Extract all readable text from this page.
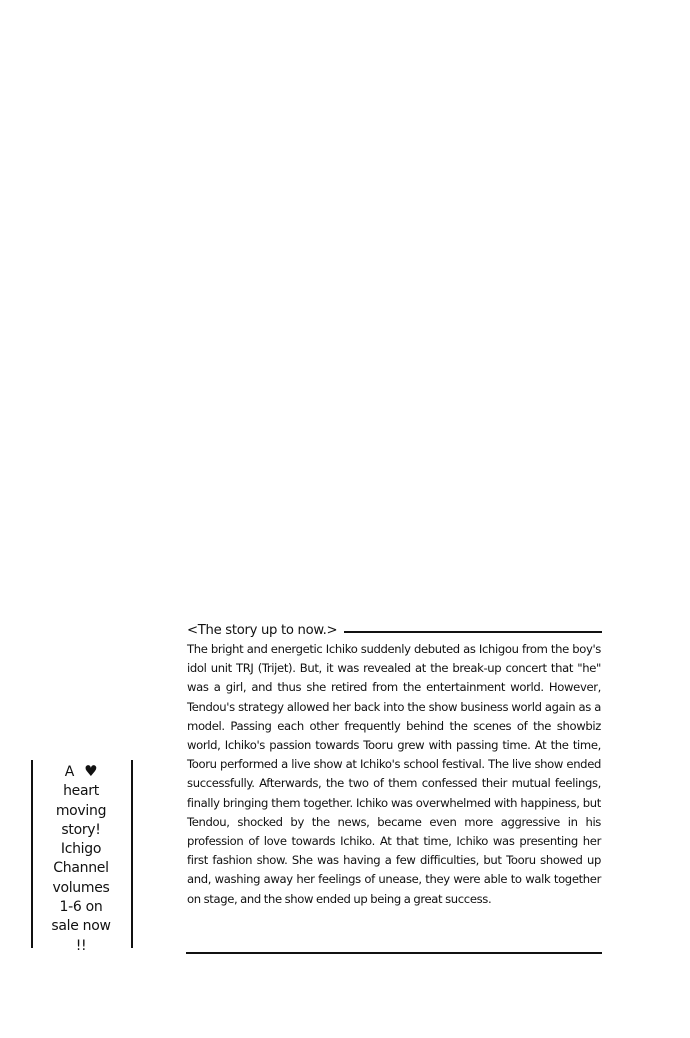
<The story up to now.>
The bright and energetic Ichiko suddenly debuted as Ichigou from the boy's idol unit TRJ (Trijet). But, it was revealed at the break-up concert that "he" was a girl, and thus she retired from the entertainment world. However, Tendou's strategy allowed her back into the show business world again as a model. Passing each other frequently behind the scenes of the showbiz world, Ichiko's passion towards Tooru grew with passing time. At the time, Tooru performed a live show at Ichiko's school festival. The live show ended successfully. Afterwards, the two of them confessed their mutual feelings, finally bringing them together. Ichiko was overwhelmed with happiness, but Tendou, shocked by the news, became even more aggressive in his profession of love towards Ichiko. At that time, Ichiko was presenting her first fashion show. She was having a few difficulties, but Tooru showed up and, washing away her feelings of unease, they were able to walk together on stage, and the show ended up being a great success.
A ♥
heart
moving
story!
Ichigo
Channel
volumes
1-6 on
sale now
!!
